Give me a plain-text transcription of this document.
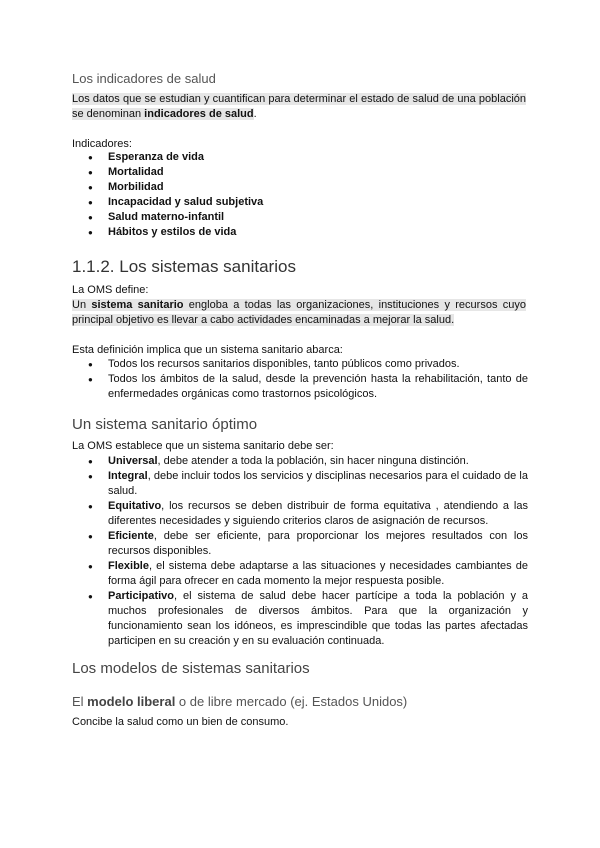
Los indicadores de salud
Los datos que se estudian y cuantifican para determinar el estado de salud de una población se denominan indicadores de salud.
Indicadores:
● Esperanza de vida
● Mortalidad
● Morbilidad
● Incapacidad y salud subjetiva
● Salud materno-infantil
● Hábitos y estilos de vida
1.1.2. Los sistemas sanitarios
La OMS define:
Un sistema sanitario engloba a todas las organizaciones, instituciones y recursos cuyo principal objetivo es llevar a cabo actividades encaminadas a mejorar la salud.
Esta definición implica que un sistema sanitario abarca:
● Todos los recursos sanitarios disponibles, tanto públicos como privados.
● Todos los ámbitos de la salud, desde la prevención hasta la rehabilitación, tanto de enfermedades orgánicas como trastornos psicológicos.
Un sistema sanitario óptimo
La OMS establece que un sistema sanitario debe ser:
● Universal, debe atender a toda la población, sin hacer ninguna distinción.
● Integral, debe incluir todos los servicios y disciplinas necesarios para el cuidado de la salud.
● Equitativo, los recursos se deben distribuir de forma equitativa , atendiendo a las diferentes necesidades y siguiendo criterios claros de asignación de recursos.
● Eficiente, debe ser eficiente, para proporcionar los mejores resultados con los recursos disponibles.
● Flexible, el sistema debe adaptarse a las situaciones y necesidades cambiantes de forma ágil para ofrecer en cada momento la mejor respuesta posible.
● Participativo, el sistema de salud debe hacer partícipe a toda la población y a muchos profesionales de diversos ámbitos. Para que la organización y funcionamiento sean los idóneos, es imprescindible que todas las partes afectadas participen en su creación y en su evaluación continuada.
Los modelos de sistemas sanitarios
El modelo liberal o de libre mercado (ej. Estados Unidos)
Concibe la salud como un bien de consumo.
